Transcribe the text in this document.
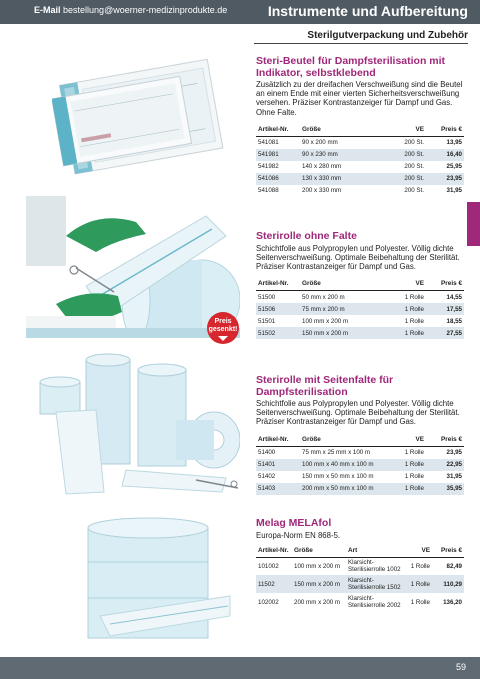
E-Mail bestellung@woerner-medizinprodukte.de	Instrumente und Aufbereitung
Sterilgutverpackung und Zubehör
Preis
gesenkt!
Steri-Beutel für Dampfsterilisation mit Indikator, selbstklebend
Zusätzlich zu der dreifachen Verschweißung sind die Beutel an einem Ende mit einer vierten Sicherheitsverschweißung versehen. Präziser Kontrastanzeiger für Dampf und Gas. Ohne Falte.
Artikel-Nr.	Größe	VE	Preis €
541081	90 x 200 mm	200 St.	13,95
541981	90 x 230 mm	200 St.	16,40
541982	140 x 280 mm	200 St.	25,95
541086	130 x 330 mm	200 St.	23,95
541088	200 x 330 mm	200 St.	31,95
Sterirolle ohne Falte
Schichtfolie aus Polypropylen und Polyester. Völlig dichte Seitenverschweißung. Optimale Beibehaltung der Sterilität. Präziser Kontrastanzeiger für Dampf und Gas.
Artikel-Nr.	Größe	VE	Preis €
51500	50 mm x 200 m	1 Rolle	14,55
51506	75 mm x 200 m	1 Rolle	17,55
51501	100 mm x 200 m	1 Rolle	18,55
51502	150 mm x 200 m	1 Rolle	27,55
Sterirolle mit Seitenfalte für Dampfsterilisation
Schichtfolie aus Polypropylen und Polyester. Völlig dichte Seitenverschweißung. Optimale Beibehaltung der Sterilität. Präziser Kontrastanzeiger für Dampf und Gas.
Artikel-Nr.	Größe	VE	Preis €
51400	75 mm x 25 mm x 100 m	1 Rolle	23,95
51401	100 mm x 40 mm x 100 m	1 Rolle	22,95
51402	150 mm x 50 mm x 100 m	1 Rolle	31,95
51403	200 mm x 50 mm x 100 m	1 Rolle	35,95
Melag MELAfol
Europa-Norm EN 868-5.
Artikel-Nr.	Größe	Art	VE	Preis €
101002	100 mm x 200 m	Klarsicht-Sterilisierrolle 1002	1 Rolle	82,49
11502	150 mm x 200 m	Klarsicht-Sterilisierrolle 1502	1 Rolle	110,29
102002	200 mm x 200 m	Klarsicht-Sterilisierrolle 2002	1 Rolle	136,20
59
